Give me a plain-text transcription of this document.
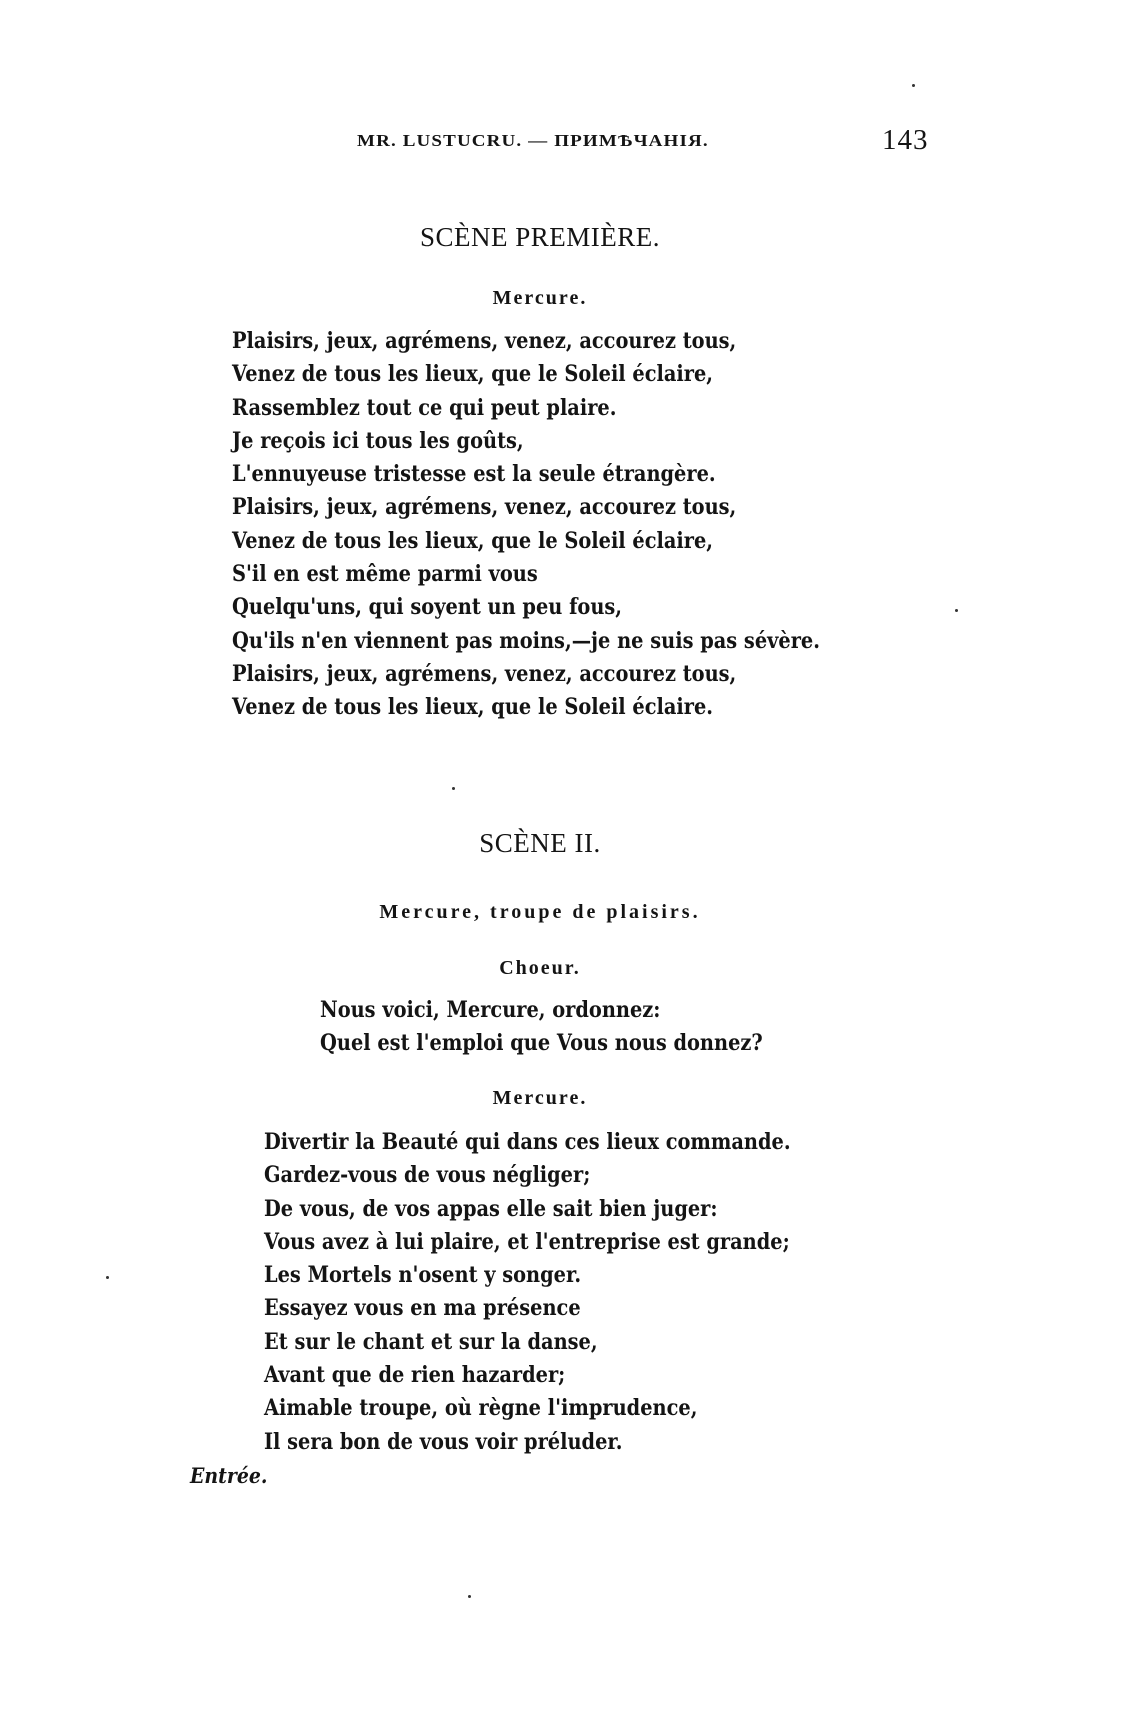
MR. LUSTUCRU. — ПРИМѢЧАНІЯ.	143
SCÈNE PREMIÈRE.
Mercure.
Plaisirs, jeux, agrémens, venez, accourez tous,
Venez de tous les lieux, que le Soleil éclaire,
Rassemblez tout ce qui peut plaire.
Je reçois ici tous les goûts,
L'ennuyeuse tristesse est la seule étrangère.
Plaisirs, jeux, agrémens, venez, accourez tous,
Venez de tous les lieux, que le Soleil éclaire,
S'il en est même parmi vous
Quelqu'uns, qui soyent un peu fous,
Qu'ils n'en viennent pas moins,—je ne suis pas sévère.
Plaisirs, jeux, agrémens, venez, accourez tous,
Venez de tous les lieux, que le Soleil éclaire.
SCÈNE II.
Mercure, troupe de plaisirs.
Choeur.
Nous voici, Mercure, ordonnez:
Quel est l'emploi que Vous nous donnez?
Mercure.
Divertir la Beauté qui dans ces lieux commande.
Gardez-vous de vous négliger;
De vous, de vos appas elle sait bien juger:
Vous avez à lui plaire, et l'entreprise est grande;
Les Mortels n'osent y songer.
Essayez vous en ma présence
Et sur le chant et sur la danse,
Avant que de rien hazarder;
Aimable troupe, où règne l'imprudence,
Il sera bon de vous voir préluder.
Entrée.
